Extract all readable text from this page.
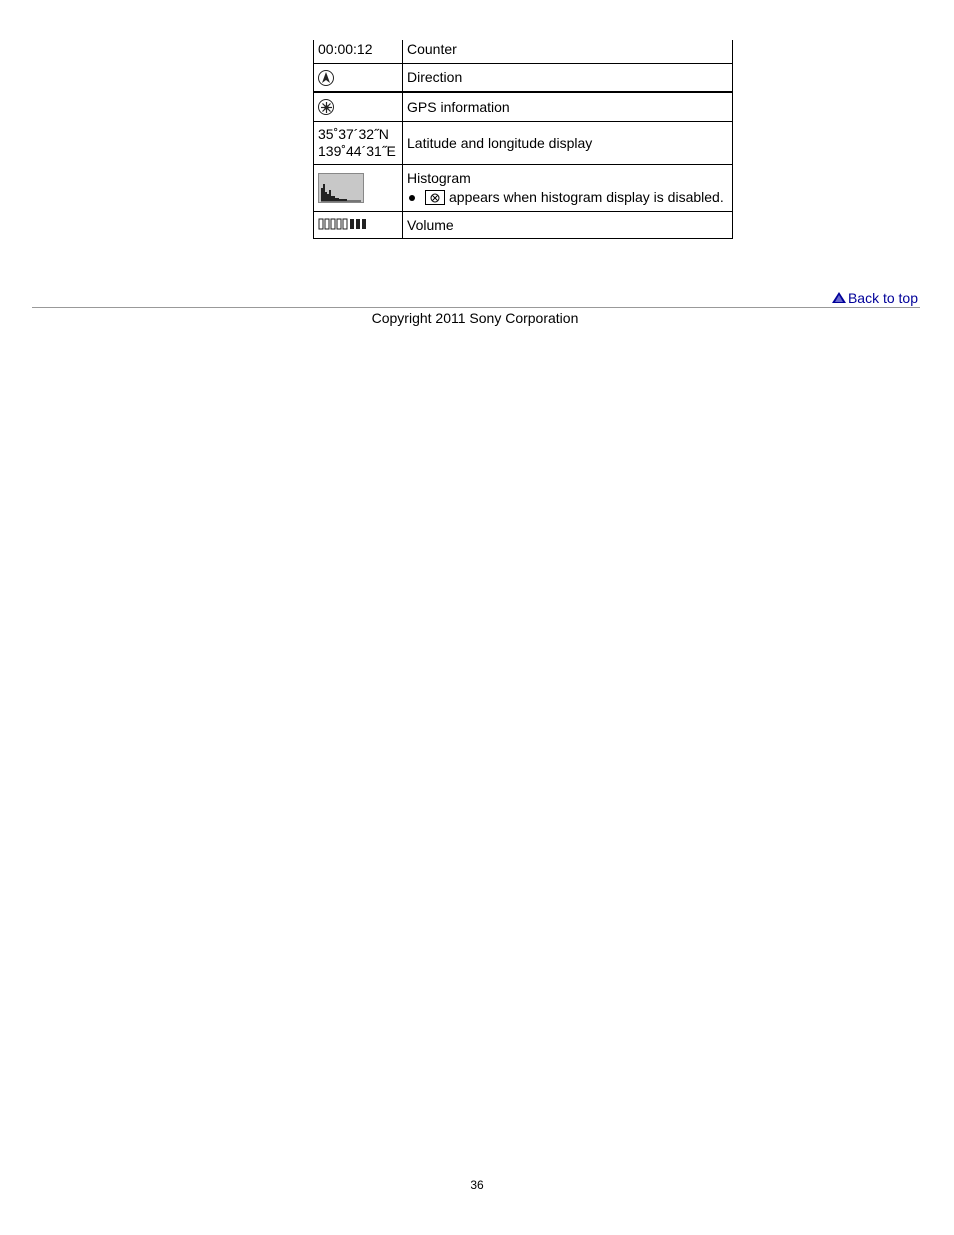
00:00:12	Counter
Direction
GPS information
35˚37´32˝N
139˚44´31˝E
Latitude and longitude display
Histogram
appears when histogram display is disabled.
Volume
Back to top
Copyright 2011 Sony Corporation
36
